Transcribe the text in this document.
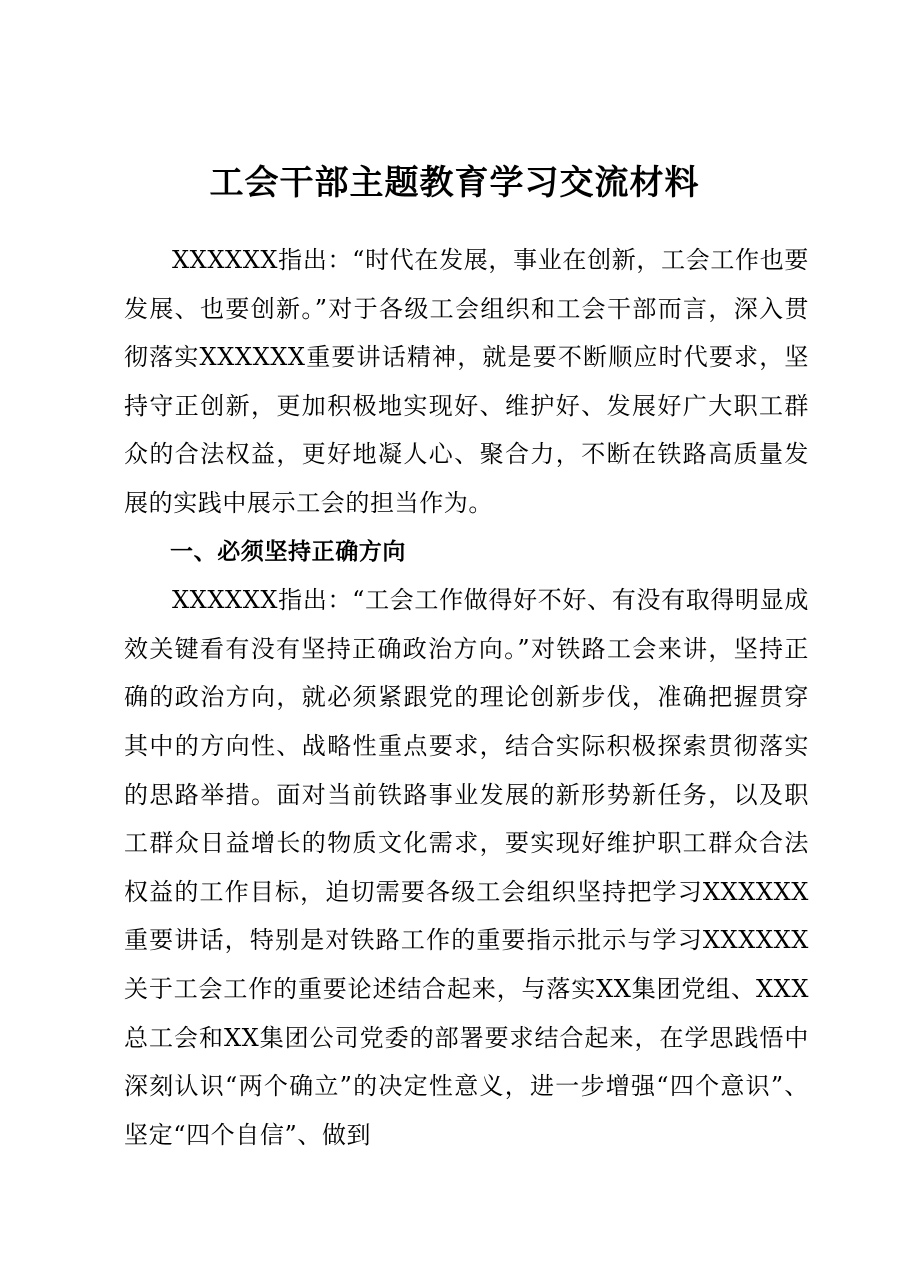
工会干部主题教育学习交流材料

XXXXXX指出：“时代在发展，事业在创新，工会工作也要发展、也要创新。”对于各级工会组织和工会干部而言，深入贯彻落实XXXXXX重要讲话精神，就是要不断顺应时代要求，坚持守正创新，更加积极地实现好、维护好、发展好广大职工群众的合法权益，更好地凝人心、聚合力，不断在铁路高质量发展的实践中展示工会的担当作为。

一、必须坚持正确方向

XXXXXX指出：“工会工作做得好不好、有没有取得明显成效关键看有没有坚持正确政治方向。”对铁路工会来讲，坚持正确的政治方向，就必须紧跟党的理论创新步伐，准确把握贯穿其中的方向性、战略性重点要求，结合实际积极探索贯彻落实的思路举措。面对当前铁路事业发展的新形势新任务，以及职工群众日益增长的物质文化需求，要实现好维护职工群众合法权益的工作目标，迫切需要各级工会组织坚持把学习XXXXXX重要讲话，特别是对铁路工作的重要指示批示与学习XXXXXX关于工会工作的重要论述结合起来，与落实XX集团党组、XXX总工会和XX集团公司党委的部署要求结合起来，在学思践悟中深刻认识“两个确立”的决定性意义，进一步增强“四个意识”、坚定“四个自信”、做到
